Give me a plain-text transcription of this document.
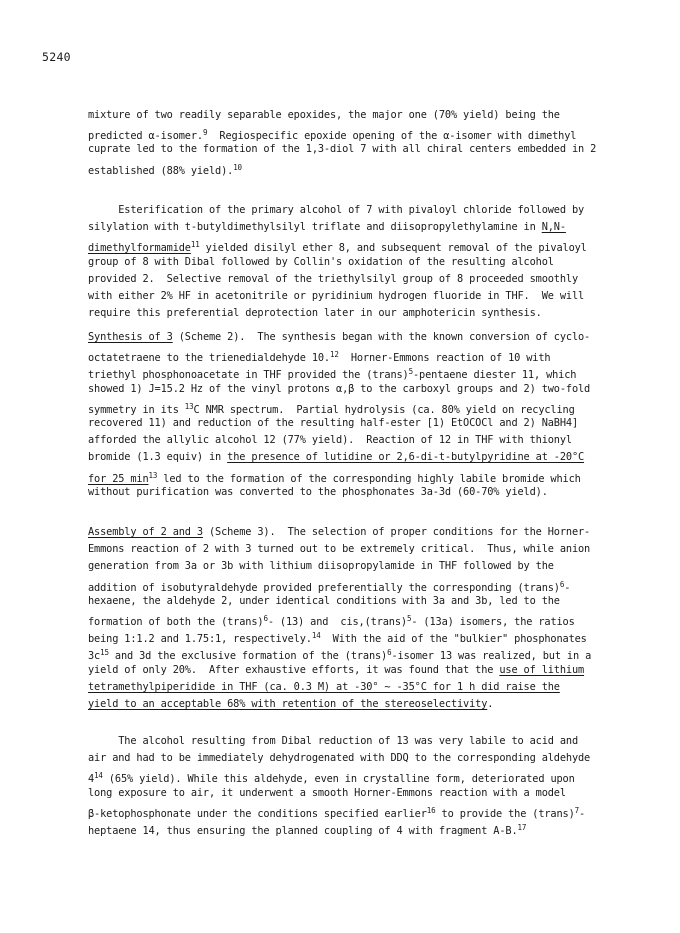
5240

mixture of two readily separable epoxides, the major one (70% yield) being the
predicted α-isomer.$^9$  Regiospecific epoxide opening of the α-isomer with dimethyl
cuprate led to the formation of the 1,3-diol 7 with all chiral centers embedded in 2
established (88% yield).$^{10}$

Esterification of the primary alcohol of 7 with pivaloyl chloride followed by
silylation with t-butyldimethylsilyl triflate and diisopropylethylamine in N,N-
dimethylformamide$^{11}$ yielded disilyl ether 8, and subsequent removal of the pivaloyl
group of 8 with Dibal followed by Collin's oxidation of the resulting alcohol
provided 2.  Selective removal of the triethylsilyl group of 8 proceeded smoothly
with either 2% HF in acetonitrile or pyridinium hydrogen fluoride in THF.  We will
require this preferential deprotection later in our amphotericin synthesis.

Synthesis of 3 (Scheme 2).  The synthesis began with the known conversion of cyclo-
octatetraene to the trienedialdehyde 10.12  Horner-Emmons reaction of 10 with
triethyl phosphonoacetate in THF provided the (trans)$^5$-pentaene diester 11, which
showed 1) J=15.2 Hz of the vinyl protons α,β to the carboxyl groups and 2) two-fold
symmetry in its $^{13}$C NMR spectrum.  Partial hydrolysis (ca. 80% yield on recycling
recovered 11) and reduction of the resulting half-ester [1) EtOCOCl and 2) NaBH4]
afforded the allylic alcohol 12 (77% yield).  Reaction of 12 in THF with thionyl
bromide (1.3 equiv) in the presence of lutidine or 2,6-di-t-butylpyridine at -20°C
for 25 $\min^{13}$ led to the formation of the corresponding highly labile bromide which
without purification was converted to the phosphonates 3a-3d (60-70% yield).

Assembly of 2 and 3 (Scheme 3).  The selection of proper conditions for the Horner-
Emmons reaction of 2 with 3 turned out to be extremely critical.  Thus, while anion
generation from 3a or 3b with lithium diisopropylamide in THF followed by the
addition of isobutyraldehyde provided preferentially the corresponding (trans)$^6$-
hexaene, the aldehyde 2, under identical conditions with 3a and 3b, led to the
formation of both the (trans)$^6$- (13) and  cis,(trans)$^5$- (13a) isomers, the ratios
being 1:1.2 and 1.75:1, respectively.$^{14}$  With the aid of the "bulkier" phosphonates
$3c^{15}$ and 3d the exclusive formation of the (trans)$^6$-isomer 13 was realized, but in a
yield of only 20%.  After exhaustive efforts, it was found that the use of lithium
tetramethylpiperidide in THF (ca. 0.3 M) at -30° ~ -35°C for 1 h did raise the
yield to an acceptable 68% with retention of the stereoselectivity.

The alcohol resulting from Dibal reduction of 13 was very labile to acid and
air and had to be immediately dehydrogenated with DDQ to the corresponding aldehyde
$4^{14}$ (65% yield). While this aldehyde, even in crystalline form, deteriorated upon
long exposure to air, it underwent a smooth Horner-Emmons reaction with a model
β-ketophosphonate under the conditions specified earlier$^{16}$ to provide the (trans)$^7$-
heptaene 14, thus ensuring the planned coupling of 4 with fragment A-B.$^{17}$
